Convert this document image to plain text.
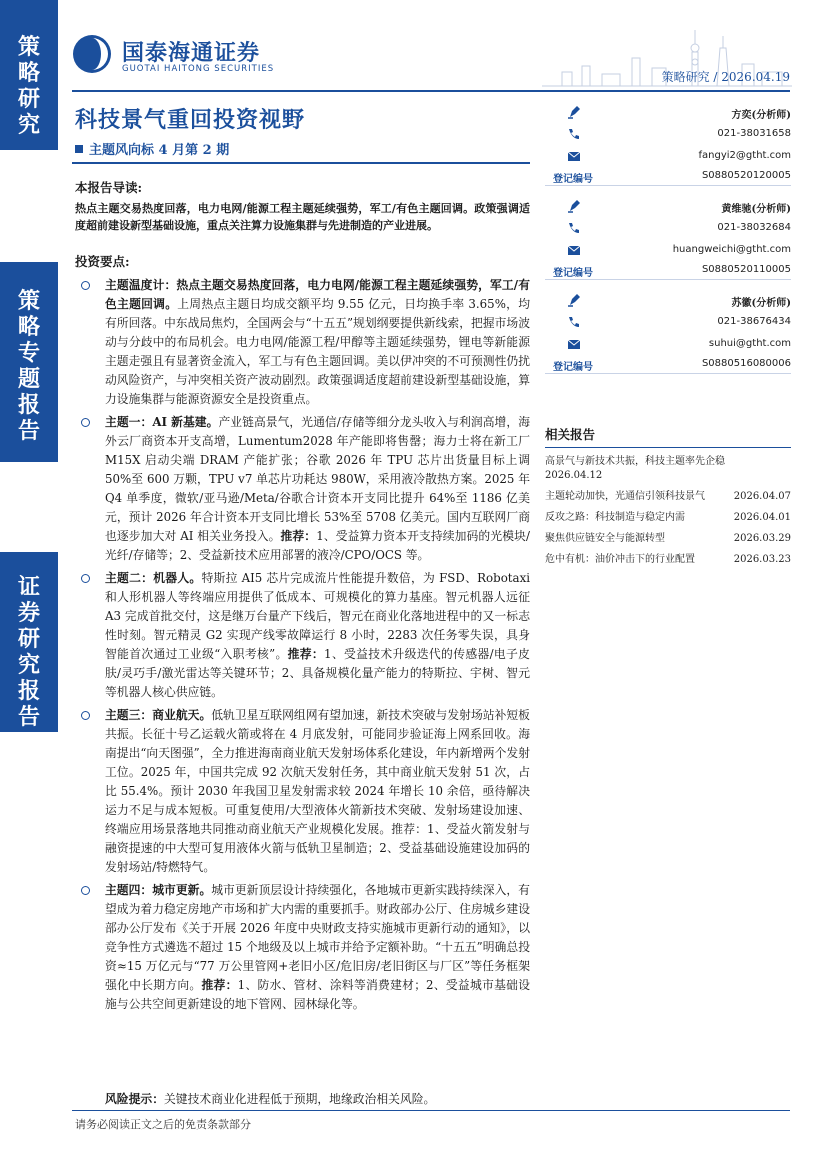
策
略
研
究
策
略
专
题
报
告
证
券
研
究
报
告
国泰海通证券
GUOTAI HAITONG SECURITIES
策略研究 / 2026.04.19
科技景气重回投资视野
主题风向标 4 月第 2 期
本报告导读:
热点主题交易热度回落，电力电网/能源工程主题延续强势，军工/有色主题回调。政策强调适度超前建设新型基础设施，重点关注算力设施集群与先进制造的产业进展。
投资要点:
主题温度计：热点主题交易热度回落，电力电网/能源工程主题延续强势，军工/有色主题回调。上周热点主题日均成交额平均 9.55 亿元，日均换手率 3.65%，均有所回落。中东战局焦灼，全国两会与“十五五”规划纲要提供新线索，把握市场波动与分歧中的布局机会。电力电网/能源工程/甲醇等主题延续强势，锂电等新能源主题走强且有显著资金流入，军工与有色主题回调。美以伊冲突的不可预测性仍扰动风险资产，与冲突相关资产波动剧烈。政策强调适度超前建设新型基础设施，算力设施集群与能源资源安全是投资重点。
主题一：AI 新基建。产业链高景气，光通信/存储等细分龙头收入与利润高增，海外云厂商资本开支高增，Lumentum2028 年产能即将售罄；海力士将在新工厂 M15X 启动尖端 DRAM 产能扩张；谷歌 2026 年 TPU 芯片出货量目标上调 50%至 600 万颗，TPU v7 单芯片功耗达 980W，采用液冷散热方案。2025 年 Q4 单季度，微软/亚马逊/Meta/谷歌合计资本开支同比提升 64%至 1186 亿美元，预计 2026 年合计资本开支同比增长 53%至 5708 亿美元。国内互联网厂商也逐步加大对 AI 相关业务投入。推荐：1、受益算力资本开支持续加码的光模块/光纤/存储等；2、受益新技术应用部署的液冷/CPO/OCS 等。
主题二：机器人。特斯拉 AI5 芯片完成流片性能提升数倍，为 FSD、Robotaxi 和人形机器人等终端应用提供了低成本、可规模化的算力基座。智元机器人远征 A3 完成首批交付，这是继万台量产下线后，智元在商业化落地进程中的又一标志性时刻。智元精灵 G2 实现产线零故障运行 8 小时，2283 次任务零失误，具身智能首次通过工业级“入职考核”。推荐：1、受益技术升级迭代的传感器/电子皮肤/灵巧手/激光雷达等关键环节；2、具备规模化量产能力的特斯拉、宇树、智元等机器人核心供应链。
主题三：商业航天。低轨卫星互联网组网有望加速，新技术突破与发射场站补短板共振。长征十号乙运载火箭或将在 4 月底发射，可能同步验证海上网系回收。海南提出“向天图强”，全力推进海南商业航天发射场体系化建设，年内新增两个发射工位。2025 年，中国共完成 92 次航天发射任务，其中商业航天发射 51 次，占比 55.4%。预计 2030 年我国卫星发射需求较 2024 年增长 10 余倍，亟待解决运力不足与成本短板。可重复使用/大型液体火箭新技术突破、发射场建设加速、终端应用场景落地共同推动商业航天产业规模化发展。推荐：1、受益火箭发射与融资提速的中大型可复用液体火箭与低轨卫星制造；2、受益基础设施建设加码的发射场站/特燃特气。
主题四：城市更新。城市更新顶层设计持续强化，各地城市更新实践持续深入，有望成为着力稳定房地产市场和扩大内需的重要抓手。财政部办公厅、住房城乡建设部办公厅发布《关于开展 2026 年度中央财政支持实施城市更新行动的通知》，以竞争性方式遴选不超过 15 个地级及以上城市并给予定额补助。“十五五”明确总投资≈15 万亿元与“77 万公里管网+老旧小区/危旧房/老旧街区与厂区”等任务框架强化中长期方向。推荐：1、防水、管材、涂料等消费建材；2、受益城市基础设施与公共空间更新建设的地下管网、园林绿化等。
风险提示：关键技术商业化进程低于预期，地缘政治相关风险。
请务必阅读正文之后的免责条款部分
方奕(分析师)
021-38031658
fangyi2@gtht.com
登记编号	S0880520120005
黄维驰(分析师)
021-38032684
huangweichi@gtht.com
登记编号	S0880520110005
苏徽(分析师)
021-38676434
suhui@gtht.com
登记编号	S0880516080006
相关报告
高景气与新技术共振，科技主题率先企稳
2026.04.12
主题轮动加快，光通信引领科技景气	2026.04.07
反攻之路：科技制造与稳定内需	2026.04.01
聚焦供应链安全与能源转型	2026.03.29
危中有机：油价冲击下的行业配置	2026.03.23
